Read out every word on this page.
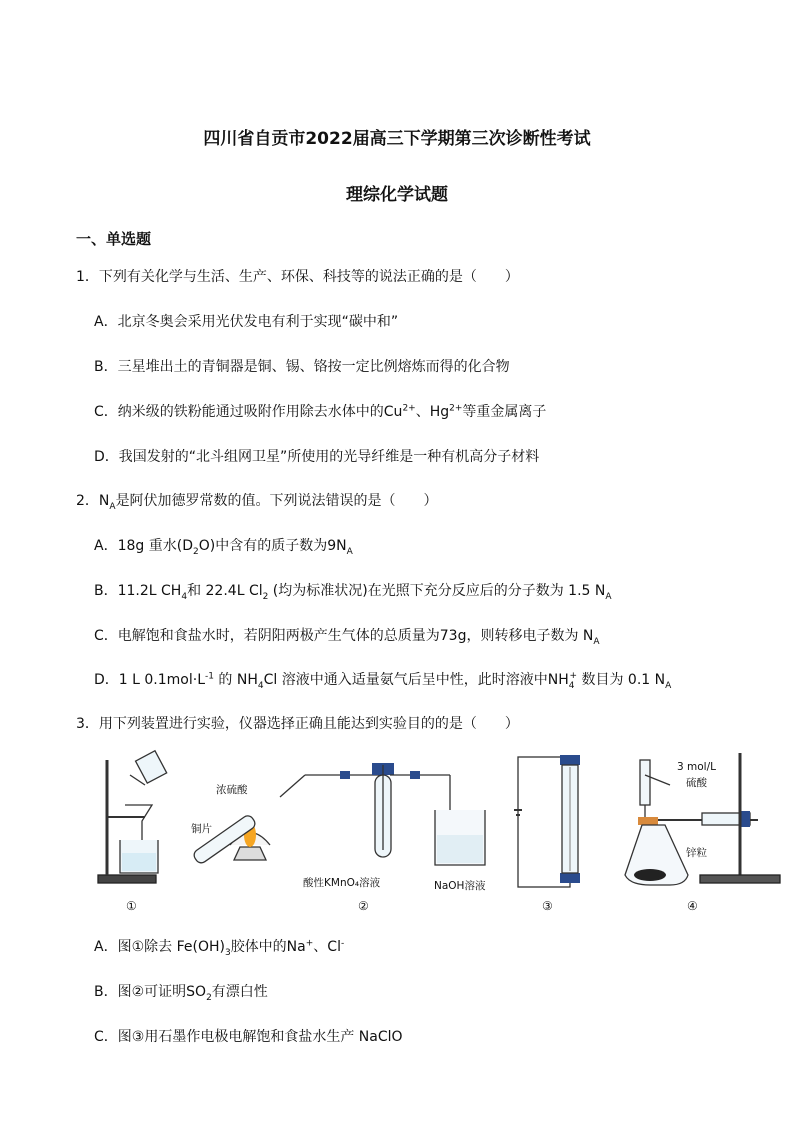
四川省自贡市2022届高三下学期第三次诊断性考试
理综化学试题
一、单选题
1．下列有关化学与生活、生产、环保、科技等的说法正确的是（　　）
A．北京冬奥会采用光伏发电有利于实现“碳中和”
B．三星堆出土的青铜器是铜、锡、铬按一定比例熔炼而得的化合物
C．纳米级的铁粉能通过吸附作用除去水体中的$Cu^{2+}$、$Hg^{2+}$等重金属离子
D．我国发射的“北斗组网卫星”所使用的光导纤维是一种有机高分子材料
2．$N_A$是阿伏加德罗常数的值。下列说法错误的是（　　）
A．18g 重水$(D_2O)$中含有的质子数为$9N_A$
B．11.2L $CH_4$和 22.4L $Cl_2$ (均为标准状况)在光照下充分反应后的分子数为 1.5 $N_A$
C．电解饱和食盐水时，若阴阳两极产生气体的总质量为73g，则转移电子数为 $N_A$
D．1 L $0.1mol\cdot L^{-1}$ 的 $NH_4Cl$ 溶液中通入适量氨气后呈中性，此时溶液中$NH_4^+$ 数目为 0.1 $N_A$
3．用下列装置进行实验，仪器选择正确且能达到实验目的的是（　　）
浓硫酸
铜片
酸性KMnO₄溶液	NaOH溶液
3 mol/L
硫酸
锌粒
①	②	③	④
A．图①除去 $Fe(OH)_3$胶体中的Na+、Cl-
B．图②可证明$SO_2$有漂白性
C．图③用石墨作电极电解饱和食盐水生产 NaClO
